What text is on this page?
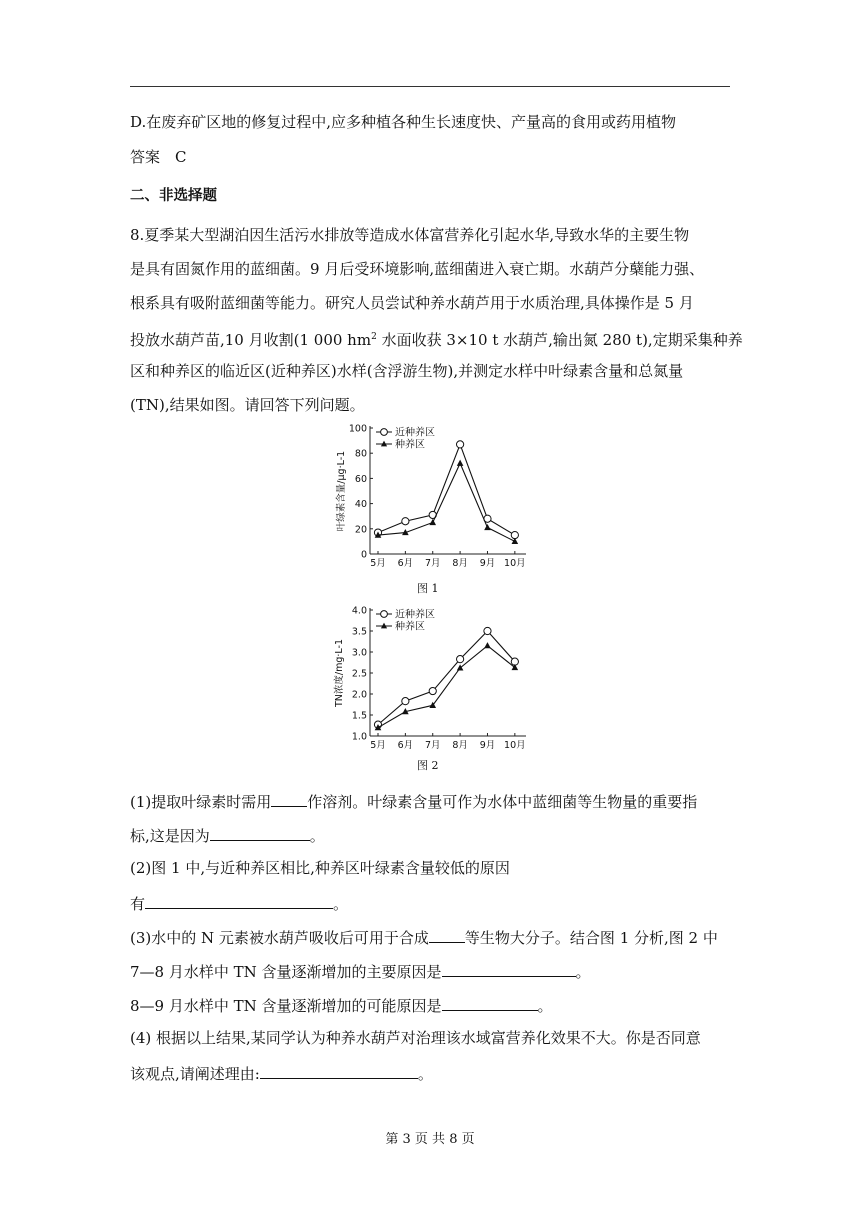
D.在废弃矿区地的修复过程中,应多种植各种生长速度快、产量高的食用或药用植物
答案　C
二、非选择题
8.夏季某大型湖泊因生活污水排放等造成水体富营养化引起水华,导致水华的主要生物
是具有固氮作用的蓝细菌。9 月后受环境影响,蓝细菌进入衰亡期。水葫芦分蘖能力强、
根系具有吸附蓝细菌等能力。研究人员尝试种养水葫芦用于水质治理,具体操作是 5 月
投放水葫芦苗,10 月收割(1 000 $hm^2$ 水面收获 3×10 t 水葫芦,输出氮 280 t),定期采集种养
区和种养区的临近区(近种养区)水样(含浮游生物),并测定水样中叶绿素含量和总氮量
(TN),结果如图。请回答下列问题。
0
20
40
60
80
100
5月 6月 7月 8月 9月 10月
叶绿素含量/μg·L-1
近种养区
种养区
图 1
1.0
1.5
2.0
2.5
3.0
3.5
4.0
5月 6月 7月 8月 9月 10月
TN浓度/mg·L-1
近种养区
种养区
图 2
(1)提取叶绿素时需用 作溶剂。叶绿素含量可作为水体中蓝细菌等生物量的重要指
标,这是因为	。
(2)图 1 中,与近种养区相比,种养区叶绿素含量较低的原因
有	。
(3)水中的 N 元素被水葫芦吸收后可用于合成 等生物大分子。结合图 1 分析,图 2 中
7—8 月水样中 TN 含量逐渐增加的主要原因是	。
8—9 月水样中 TN 含量逐渐增加的可能原因是	。
(4) 根据以上结果,某同学认为种养水葫芦对治理该水域富营养化效果不大。你是否同意
该观点,请阐述理由:	。
第 3 页 共 8 页
